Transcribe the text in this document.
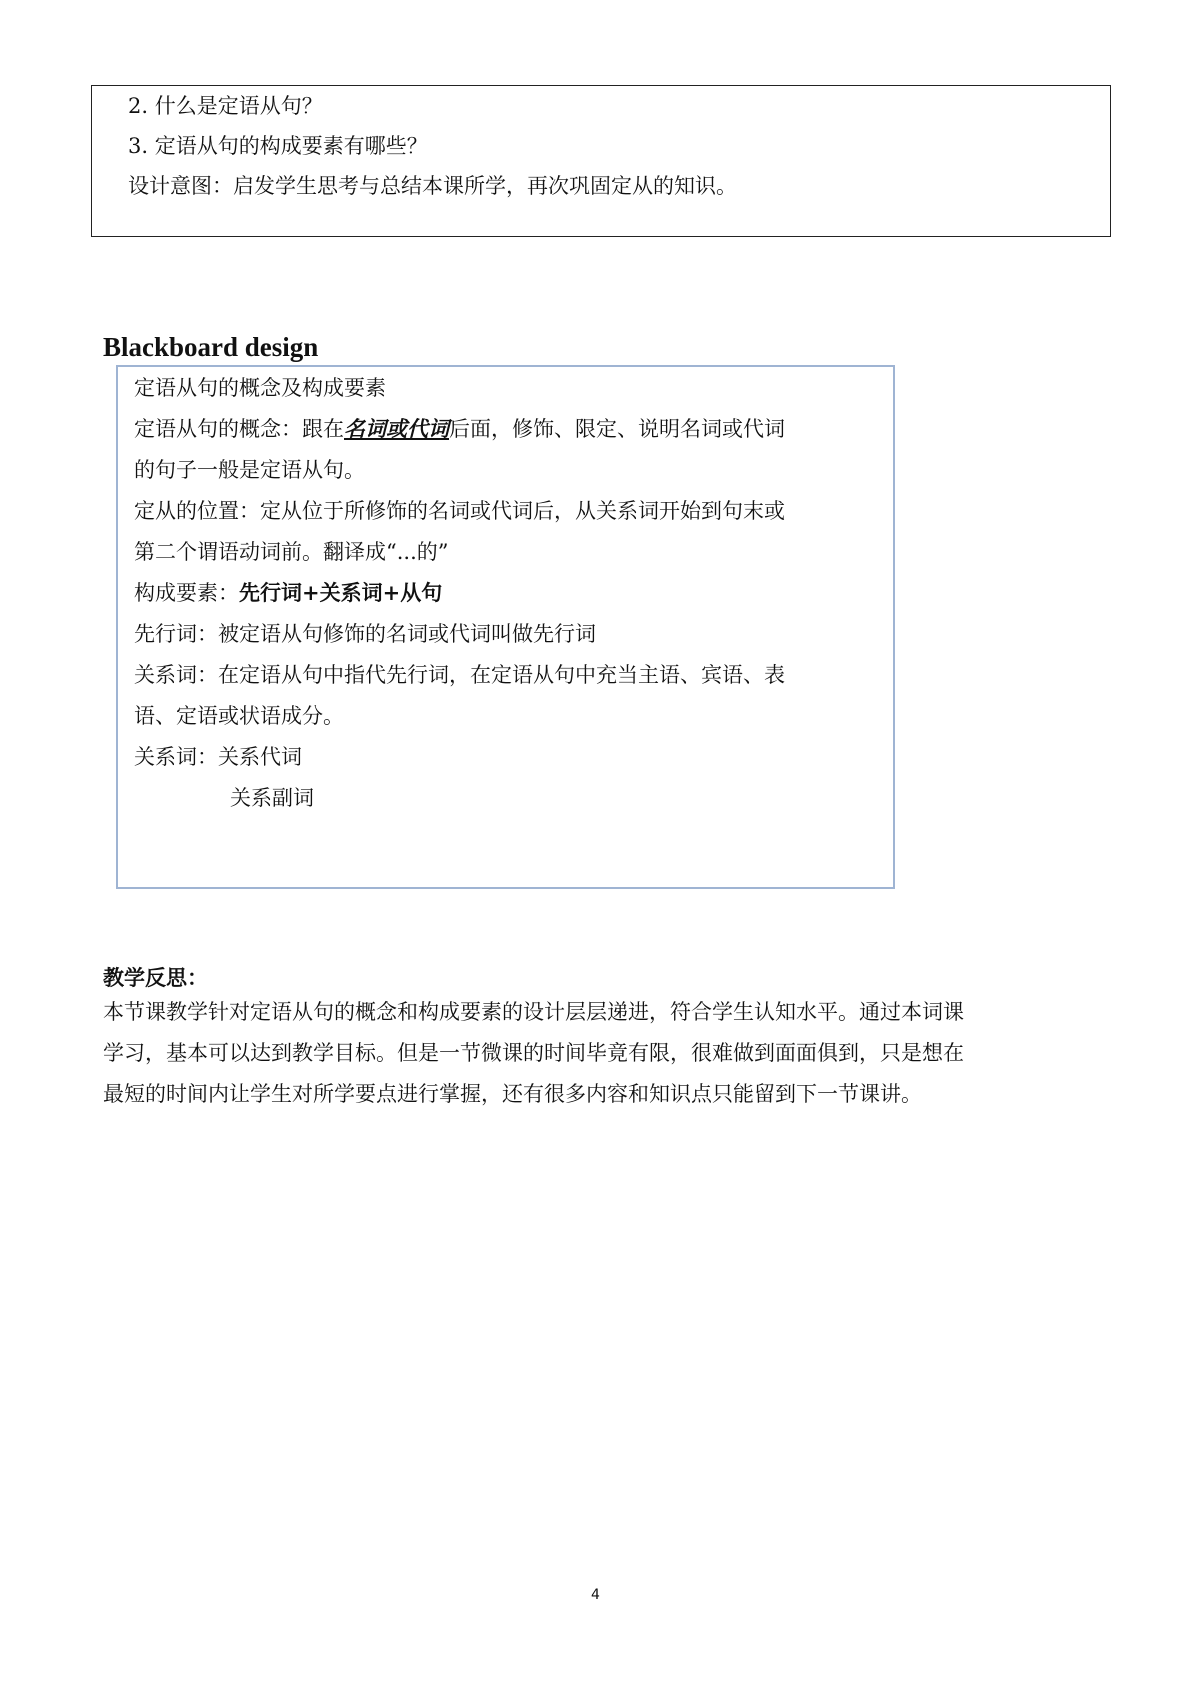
2. 什么是定语从句？
3. 定语从句的构成要素有哪些？
设计意图：启发学生思考与总结本课所学，再次巩固定从的知识。
Blackboard design
定语从句的概念及构成要素
定语从句的概念：跟在名词或代词后面，修饰、限定、说明名词或代词
的句子一般是定语从句。
定从的位置：定从位于所修饰的名词或代词后，从关系词开始到句末或
第二个谓语动词前。翻译成“...的”
构成要素：先行词+关系词+从句
先行词：被定语从句修饰的名词或代词叫做先行词
关系词：在定语从句中指代先行词，在定语从句中充当主语、宾语、表
语、定语或状语成分。
关系词：关系代词
关系副词
教学反思：
本节课教学针对定语从句的概念和构成要素的设计层层递进，符合学生认知水平。通过本词课
学习，基本可以达到教学目标。但是一节微课的时间毕竟有限，很难做到面面俱到，只是想在
最短的时间内让学生对所学要点进行掌握，还有很多内容和知识点只能留到下一节课讲。
4
